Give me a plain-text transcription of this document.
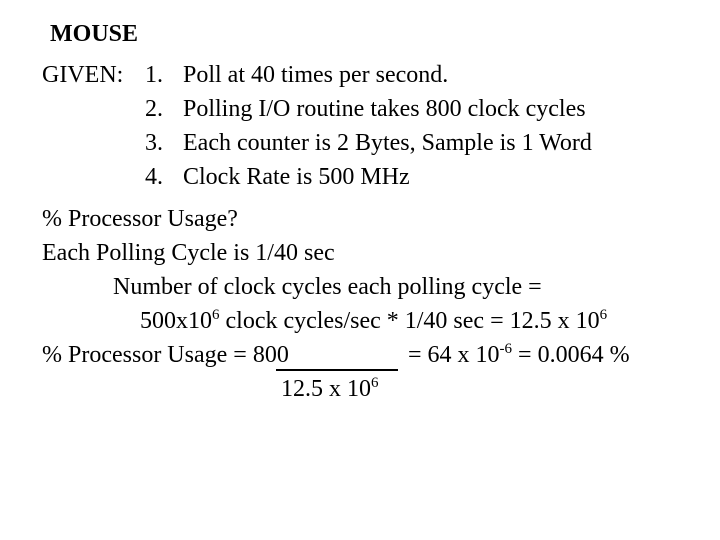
MOUSE
GIVEN: 1. Poll at 40 times per second.
2. Polling I/O routine takes 800 clock cycles
3. Each counter is 2 Bytes, Sample is 1 Word
4. Clock Rate is 500 MHz
% Processor Usage?
Each Polling Cycle is 1/40 sec
Number of clock cycles each polling cycle =
$500x10^6$ clock cycles/sec * 1/40 sec = 12.5 x $10^6$
% Processor Usage = 800	= 64 x $10^{-6} = 0.0064$ %
12.5 x $10^6$
